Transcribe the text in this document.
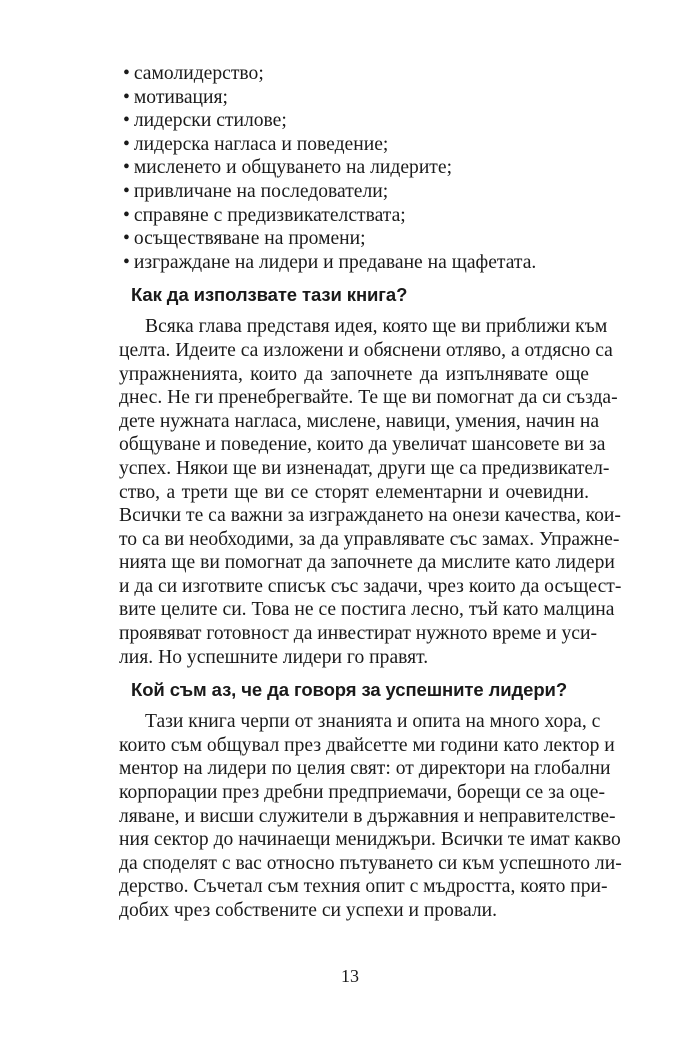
• самолидерство;
• мотивация;
• лидерски стилове;
• лидерска нагласа и поведение;
• мисленето и общуването на лидерите;
• привличане на последователи;
• справяне с предизвикателствата;
• осъществяване на промени;
• изграждане на лидери и предаване на щафетата.
Как да използвате тази книга?
Всяка глава представя идея, която ще ви приближи към
целта. Идеите са изложени и обяснени отляво, а отдясно са
упражненията, които да започнете да изпълнявате още
днес. Не ги пренебрегвайте. Те ще ви помогнат да си създа-
дете нужната нагласа, мислене, навици, умения, начин на
общуване и поведение, които да увеличат шансовете ви за
успех. Някои ще ви изненадат, други ще са предизвикател-
ство, а трети ще ви се сторят елементарни и очевидни.
Всички те са важни за изграждането на онези качества, кои-
то са ви необходими, за да управлявате със замах. Упражне-
нията ще ви помогнат да започнете да мислите като лидери
и да си изготвите списък със задачи, чрез които да осъщест-
вите целите си. Това не се постига лесно, тъй като малцина
проявяват готовност да инвестират нужното време и уси-
лия. Но успешните лидери го правят.
Кой съм аз, че да говоря за успешните лидери?
Тази книга черпи от знанията и опита на много хора, с
които съм общувал през двайсетте ми години като лектор и
ментор на лидери по целия свят: от директори на глобални
корпорации през дребни предприемачи, борещи се за оце-
ляване, и висши служители в държавния и неправителстве-
ния сектор до начинаещи мениджъри. Всички те имат какво
да споделят с вас относно пътуването си към успешното ли-
дерство. Съчетал съм техния опит с мъдростта, която при-
добих чрез собствените си успехи и провали.
13
